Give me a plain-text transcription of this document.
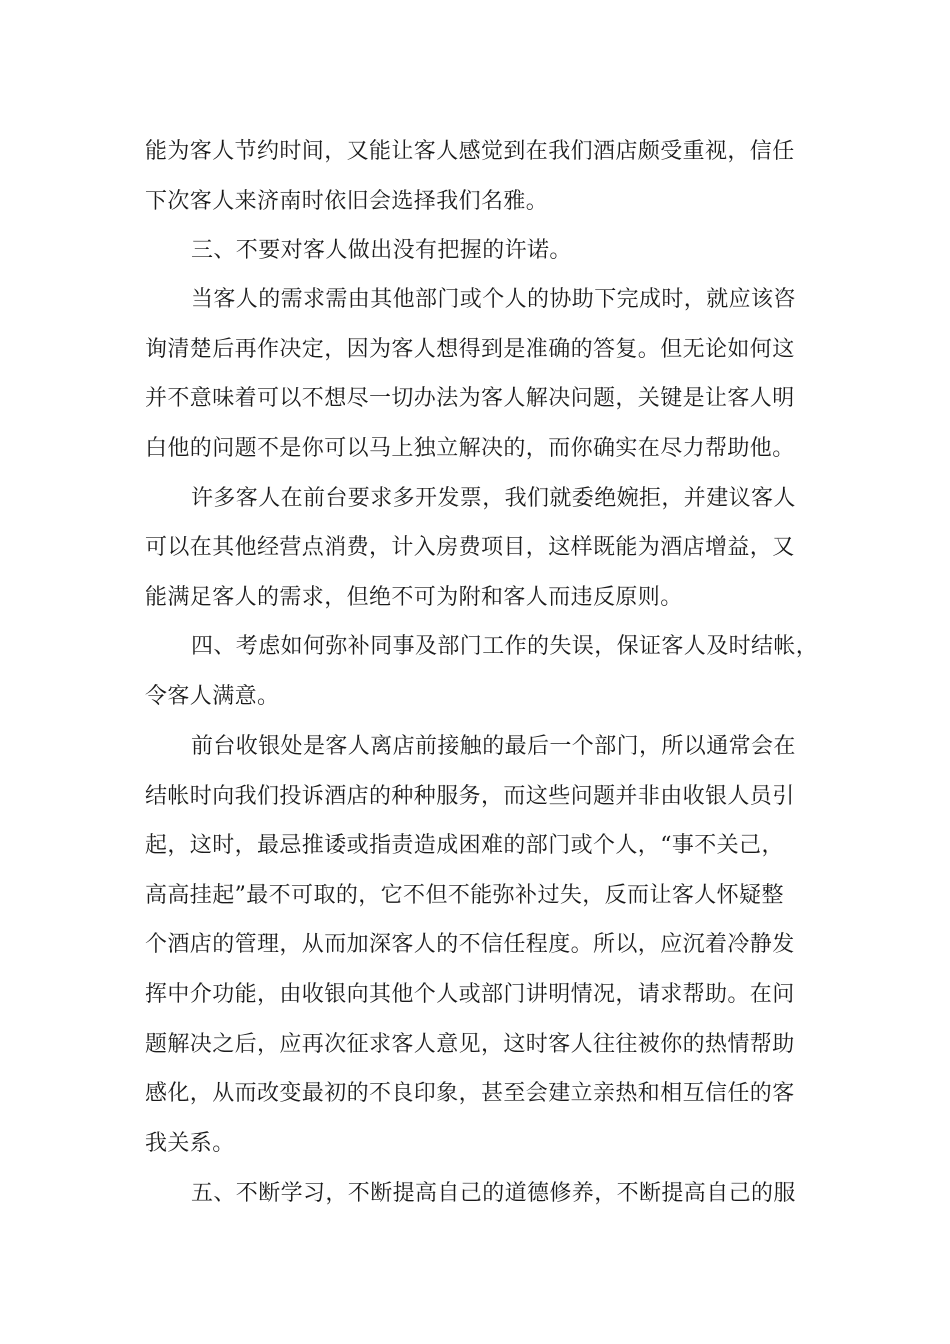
能为客人节约时间，又能让客人感觉到在我们酒店颇受重视，信任
下次客人来济南时依旧会选择我们名雅。
三、不要对客人做出没有把握的许诺。
当客人的需求需由其他部门或个人的协助下完成时，就应该咨
询清楚后再作决定，因为客人想得到是准确的答复。但无论如何这
并不意味着可以不想尽一切办法为客人解决问题，关键是让客人明
白他的问题不是你可以马上独立解决的，而你确实在尽力帮助他。
许多客人在前台要求多开发票，我们就委绝婉拒，并建议客人
可以在其他经营点消费，计入房费项目，这样既能为酒店增益，又
能满足客人的需求，但绝不可为附和客人而违反原则。
四、考虑如何弥补同事及部门工作的失误，保证客人及时结帐，
令客人满意。
前台收银处是客人离店前接触的最后一个部门，所以通常会在
结帐时向我们投诉酒店的种种服务，而这些问题并非由收银人员引
起，这时，最忌推诿或指责造成困难的部门或个人，“事不关己，
高高挂起”最不可取的，它不但不能弥补过失，反而让客人怀疑整
个酒店的管理，从而加深客人的不信任程度。所以，应沉着冷静发
挥中介功能，由收银向其他个人或部门讲明情况，请求帮助。在问
题解决之后，应再次征求客人意见，这时客人往往被你的热情帮助
感化，从而改变最初的不良印象，甚至会建立亲热和相互信任的客
我关系。
五、不断学习，不断提高自己的道德修养，不断提高自己的服
